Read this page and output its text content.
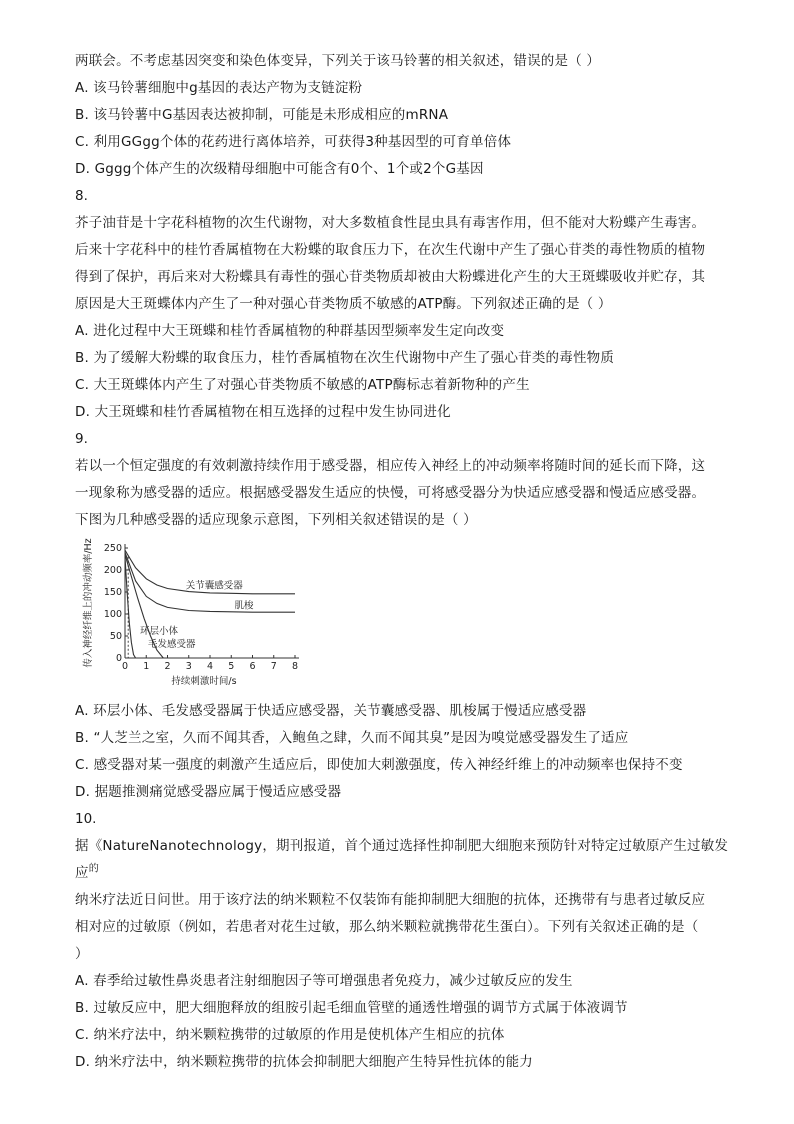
两联会。不考虑基因突变和染色体变异，下列关于该马铃薯的相关叙述，错误的是（ ）
A. 该马铃薯细胞中g基因的表达产物为支链淀粉
B. 该马铃薯中G基因表达被抑制，可能是未形成相应的mRNA
C. 利用GGgg个体的花药进行离体培养，可获得3种基因型的可育单倍体
D. Gggg个体产生的次级精母细胞中可能含有0个、1个或2个G基因
8.
芥子油苷是十字花科植物的次生代谢物，对大多数植食性昆虫具有毒害作用，但不能对大粉蝶产生毒害。
后来十字花科中的桂竹香属植物在大粉蝶的取食压力下，在次生代谢中产生了强心苷类的毒性物质的植物
得到了保护，再后来对大粉蝶具有毒性的强心苷类物质却被由大粉蝶进化产生的大王斑蝶吸收并贮存，其
原因是大王斑蝶体内产生了一种对强心苷类物质不敏感的ATP酶。下列叙述正确的是（ ）
A. 进化过程中大王斑蝶和桂竹香属植物的种群基因型频率发生定向改变
B. 为了缓解大粉蝶的取食压力，桂竹香属植物在次生代谢物中产生了强心苷类的毒性物质
C. 大王斑蝶体内产生了对强心苷类物质不敏感的ATP酶标志着新物种的产生
D. 大王斑蝶和桂竹香属植物在相互选择的过程中发生协同进化
9.
若以一个恒定强度的有效刺激持续作用于感受器，相应传入神经上的冲动频率将随时间的延长而下降，这
一现象称为感受器的适应。根据感受器发生适应的快慢，可将感受器分为快适应感受器和慢适应感受器。
下图为几种感受器的适应现象示意图，下列相关叙述错误的是（ ）
0 1 2 3 4 5 6 7 8
0
50
100
150
200
250
持续刺激时间/s
传入神经纤维上的冲动频率/Hz	关节囊感受器
肌梭
环层小体
毛发感受器
A. 环层小体、毛发感受器属于快适应感受器，关节囊感受器、肌梭属于慢适应感受器
B. “人芝兰之室，久而不闻其香，入鲍鱼之肆，久而不闻其臭”是因为嗅觉感受器发生了适应
C. 感受器对某一强度的刺激产生适应后，即使加大刺激强度，传入神经纤维上的冲动频率也保持不变
D. 据题推测痛觉感受器应属于慢适应感受器
10.
据《NatureNanotechnology，期刊报道，首个通过选择性抑制肥大细胞来预防针对特定过敏原产生过敏发
应$^的$
纳米疗法近日问世。用于该疗法的纳米颗粒不仅装饰有能抑制肥大细胞的抗体，还携带有与患者过敏反应
相对应的过敏原（例如，若患者对花生过敏，那么纳米颗粒就携带花生蛋白）。下列有关叙述正确的是（
）
A. 春季给过敏性鼻炎患者注射细胞因子等可增强患者免疫力，减少过敏反应的发生
B. 过敏反应中，肥大细胞释放的组胺引起毛细血管壁的通透性增强的调节方式属于体液调节
C. 纳米疗法中，纳米颗粒携带的过敏原的作用是使机体产生相应的抗体
D. 纳米疗法中，纳米颗粒携带的抗体会抑制肥大细胞产生特异性抗体的能力
